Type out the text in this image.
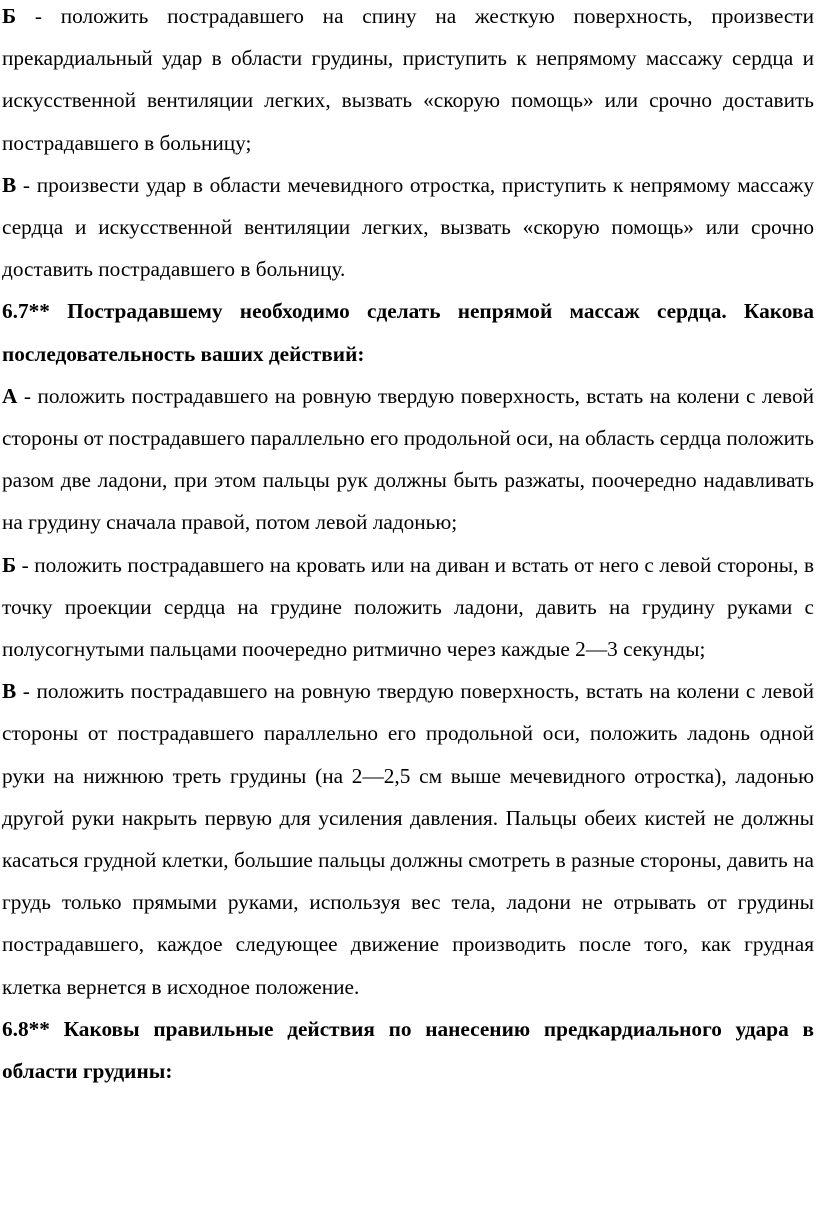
Б - положить пострадавшего на спину на жесткую поверхность, произвести прекардиальный удар в области грудины, приступить к непрямому массажу сердца и искусственной вентиляции легких, вызвать «скорую помощь» или срочно доставить пострадавшего в больницу;

В - произвести удар в области мечевидного отростка, приступить к непрямому массажу сердца и искусственной вентиляции легких, вызвать «скорую помощь» или срочно доставить пострадавшего в больницу.

6.7** Пострадавшему необходимо сделать непрямой массаж сердца. Какова последовательность ваших действий:

А - положить пострадавшего на ровную твердую поверхность, встать на колени с левой стороны от пострадавшего параллельно его продольной оси, на область сердца положить разом две ладони, при этом пальцы рук должны быть разжаты, поочередно надавливать на грудину сначала правой, потом левой ладонью;

Б - положить пострадавшего на кровать или на диван и встать от него с левой стороны, в точку проекции сердца на грудине положить ладони, давить на грудину руками с полусогнутыми пальцами поочередно ритмично через каждые 2—3 секунды;

В - положить пострадавшего на ровную твердую поверхность, встать на колени с левой стороны от пострадавшего параллельно его продольной оси, положить ладонь одной руки на нижнюю треть грудины (на 2—2,5 см выше мечевидного отростка), ладонью другой руки накрыть первую для усиления давления. Пальцы обеих кистей не должны касаться грудной клетки, большие пальцы должны смотреть в разные стороны, давить на грудь только прямыми руками, используя вес тела, ладони не отрывать от грудины пострадавшего, каждое следующее движение производить после того, как грудная клетка вернется в исходное положение.

6.8** Каковы правильные действия по нанесению предкардиального удара в области грудины:
